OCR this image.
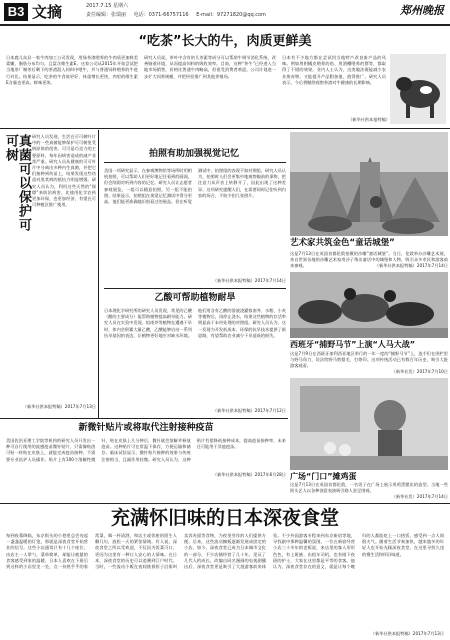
B3 文摘	2017.7.15 星期六
责任编辑：张瑞丽 电话：0371-66757116 E-mail：97271820@qq.com	郑州晚报
“吃茶”长大的牛，肉质更鲜美
日本鹿儿岛县一家牛肉加工公司发现，用绿茶渣喂养的牛肉质更加鲜美柔嫩，脂肪分布均匀，且富含维生素E。这家公司从2015年开始尝试把当地茶厂制茶后剩下的茶渣混入饲料中喂牛，并与普通饲料喂养的牛进行对比。结果显示，吃茶的牛食欲更好、体重增长更快，肉里的维生素E含量也更高，鲜味更浓。
研究人员说，茶叶中含有的儿茶素等成分可以帮助牛调节消化系统，改善肠道环境，从而提高饲料的吸收效率。目前，这种“茶牛”已经进入当地市场销售，价格比普通牛肉略高，但很受消费者欢迎。公司计划进一步扩大饲养规模，并把经验推广到其他养殖场。
日本有不少地方都在尝试用当地特产改良畜产品的风味。例如用柑橘皮喂养的鱼、用酒糟喂养的猪等，都取得了不错的效果。业内人士认为，这类做法既能减少农业废弃物，又能提升产品附加值，值得推广。研究人员表示，今后将继续观察茶渣对牛健康的长期影响。
（新华社供本报特稿）
真菌可以保护可可树	研究人员发现，生活在可可树叶片中的一些真菌能够保护可可树免受病原体的侵害。可可是巧克力的主要原料，每年因病害造成的减产非常严重。研究人员从健康的可可叶片中分离出多种内生真菌，并把它们接种到幼苗上，结果发现这些幼苗对黑荚病的抵抗力明显增强。研究人员认为，利用这些天然的“保镖”来防治病害，比使用化学农药更加环保，也更加经济，有望在可可种植区推广使用。
（新华社供本报特稿）2017年7月13日
拍照有助加强视觉记忆
美国一项研究显示，在参观博物馆等场所时用相机拍照，可以帮助人们更好地记住看到的画面，但会削弱对听到内容的记忆。研究人员让志愿者参观展览，一组可以随意拍照，另一组不能拍照。结果显示，拍照组在视觉记忆测试中得分更高，他们能更准确地识别看过的展品。但在听觉测试中，拍照组的表现不如对照组。研究人员认为，拍照时人们会更集中地观察眼前的事物，把注意力从声音上转移开了，因此出现了这种差异。这项研究提醒人们，在需要同时记住听到内容的场合，不妨少拍几张照片。
（新华社供本报特稿）2017年7月14日
艺术家共筑金色“童话城堡”
这是7月13日在英国首都伦敦拍摄的沙雕“童话城堡”。当日，伦敦举办沙雕艺术展，来自世界各地的沙雕艺术家用沙子堆出童话中的城堡和人物，吸引众多市民和游客前来参观。	（新华社供本报特稿）2017年7月14日
西班牙“捕野马节”上演“人马大战”
这是7月9日在西班牙加利西亚地区举行的一年一度的“捕野马节”上，选手们在围栏里与野马角力，设法给野马剪鬃毛、打烙印。这项传统活动已有数百年历史，吸引大批游客观看。
（新华社发）2017年7月10日
乙酸可帮助植物耐旱
日本理化学研究所的研究人员发现，常见的乙酸（醋的主要成分）能帮助植物提高耐旱能力。研究人员在实验中发现，拟南芥等植物在遭遇干旱时，体内会积累大量乙酸，乙酸能够启动一系列抗旱基因的表达，让植物更好地应对缺水环境。他们用含有乙酸的溶液浇灌拟南芥、水稻、小麦等植物后，再停止浇水，结果这些植物的存活率明显高于未经处理的对照组。研究人员认为，这一发现为开发低成本、环保的抗旱技术提供了新思路，有望帮助农业减少干旱造成的损失。
（新华社供本报特稿）2017年7月12日
新微针贴片或将取代注射接种疫苗
美国佐治亚理工学院等机构的研究人员开发出一种可自行使用的流感疫苗微针贴片，只需像贴创可贴一样贴在皮肤上，就能完成疫苗接种，不需要专业医护人员操作。贴片上有100个溶解性微针，贴在皮肤上几分钟后，微针就会溶解并释放疫苗。这种贴片可在常温下保存，方便运输和储存。临床试验显示，微针贴片接种的效果与传统注射相当，且副作用轻微。研究人员认为，这种贴片有望降低接种成本，提高疫苗接种率，未来还可能用于其他疫苗。
（新华社供本报特稿）2017年6月28日 广场“门口”摊鸡蛋
这是7月13日在英国首都伦敦，一名男子在广场上展示用鸡蛋摆出的造型。当地一些街头艺人以各种创意表演吸引路人驻足围观。
（新华社发）2017年7月14日
充满怀旧味的日本深夜食堂
每到夜幕降临，东京街头的小巷里总会亮起一盏盏温暖的灯笼，那就是深夜食堂开始营业的信号。这些小店通常只有十几个座位，由店主一人掌勺，菜单简单，却能让疲惫的食客感受到家的温暖。日本人喜欢在下班后到这样的小店里坐一坐，点一份热乎乎的家常菜，喝一杯清酒，和店主或邻座的陌生人聊几句，放松一天的紧张情绪。有人说，深夜食堂之所以受欢迎，不仅因为饭菜可口，更因为这里有一种让人安心的人情味。在日本，深夜食堂的历史可以追溯到江户时代。当时，一些流动小贩在夜间挑着担子沿街叫卖荞麦面等食物，为夜里劳作的人们提供方便。后来，这些流动摊贩逐渐发展成固定的小店。如今，深夜食堂已成为日本城市文化的一部分，不少店铺经营了几十年，见证了几代人的成长。改编自同名漫画的电视剧播出后，深夜食堂更是吸引了大批游客前来体验。不少外国游客专程来到东京新宿等地，寻找剧中那种温馨的氛围。一位在新宿经营小店三十多年的老板说，来店里的客人形形色色，有上班族、出租车司机，也有刚下夜班的护士，大家在这里都是平等的食客。他认为，深夜食堂存在的意义，就是让每个晚归的人都能吃上一口热饭，感受到一点人间烟火气。随着生活节奏加快，越来越多的年轻人也开始光顾深夜食堂，在这里寻找久违的慢生活和怀旧味道。
（新华社供本报特稿）2017年7月13日
